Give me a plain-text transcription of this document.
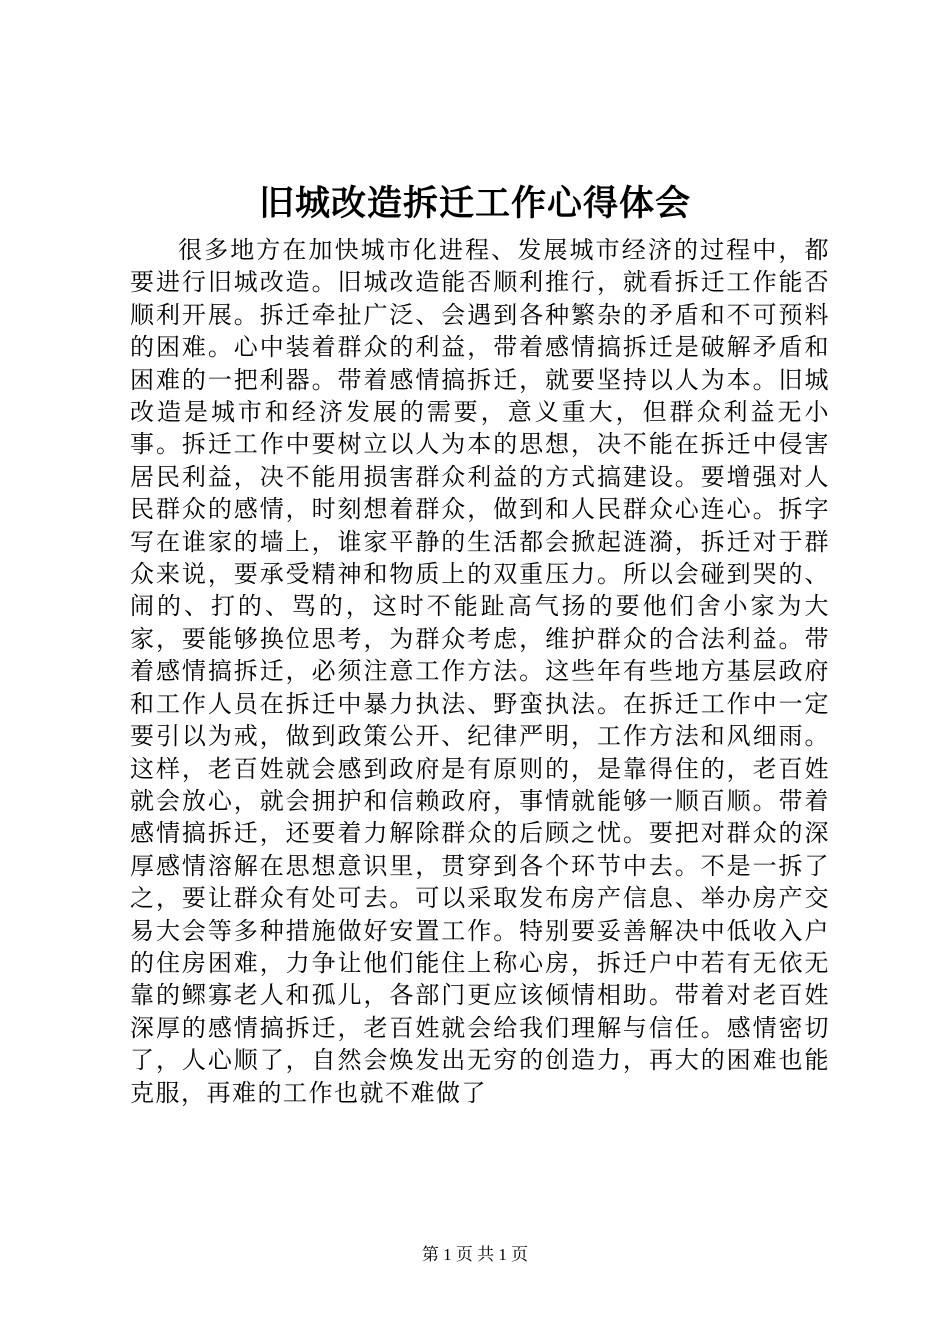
旧城改造拆迁工作心得体会

很多地方在加快城市化进程、发展城市经济的过程中，都要进行旧城改造。旧城改造能否顺利推行，就看拆迁工作能否顺利开展。拆迁牵扯广泛、会遇到各种繁杂的矛盾和不可预料的困难。心中装着群众的利益，带着感情搞拆迁是破解矛盾和困难的一把利器。带着感情搞拆迁，就要坚持以人为本。旧城改造是城市和经济发展的需要，意义重大，但群众利益无小事。拆迁工作中要树立以人为本的思想，决不能在拆迁中侵害居民利益，决不能用损害群众利益的方式搞建设。要增强对人民群众的感情，时刻想着群众，做到和人民群众心连心。拆字写在谁家的墙上，谁家平静的生活都会掀起涟漪，拆迁对于群众来说，要承受精神和物质上的双重压力。所以会碰到哭的、闹的、打的、骂的，这时不能趾高气扬的要他们舍小家为大家，要能够换位思考，为群众考虑，维护群众的合法利益。带着感情搞拆迁，必须注意工作方法。这些年有些地方基层政府和工作人员在拆迁中暴力执法、野蛮执法。在拆迁工作中一定要引以为戒，做到政策公开、纪律严明，工作方法和风细雨。这样，老百姓就会感到政府是有原则的，是靠得住的，老百姓就会放心，就会拥护和信赖政府，事情就能够一顺百顺。带着感情搞拆迁，还要着力解除群众的后顾之忧。要把对群众的深厚感情溶解在思想意识里，贯穿到各个环节中去。不是一拆了之，要让群众有处可去。可以采取发布房产信息、举办房产交易大会等多种措施做好安置工作。特别要妥善解决中低收入户的住房困难，力争让他们能住上称心房，拆迁户中若有无依无靠的鳏寡老人和孤儿，各部门更应该倾情相助。带着对老百姓深厚的感情搞拆迁，老百姓就会给我们理解与信任。感情密切了，人心顺了，自然会焕发出无穷的创造力，再大的困难也能克服，再难的工作也就不难做了

第 1 页 共 1 页
